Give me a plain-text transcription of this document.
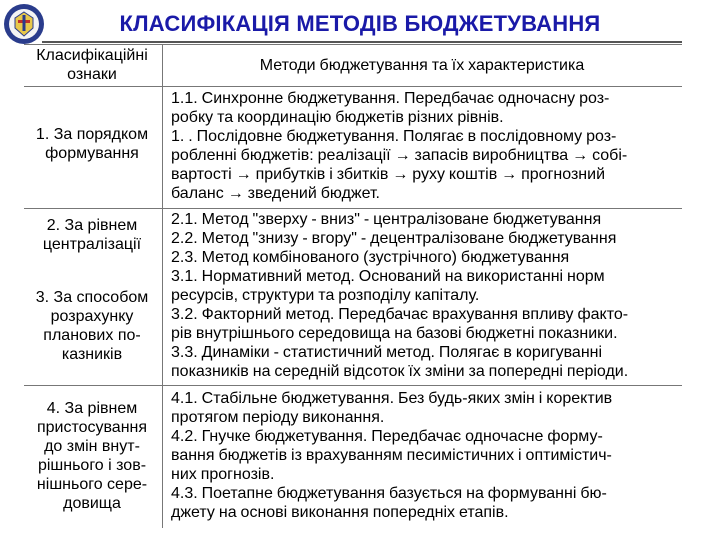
КЛАСИФІКАЦІЯ МЕТОДІВ БЮДЖЕТУВАННЯ
Класифікаційні
ознаки
Методи бюджетування та їх характеристика
1. За порядком
формування
1.1. Синхронне бюджетування. Передбачає одночасну роз-
робку та координацію бюджетів різних рівнів.
1. . Послідовне бюджетування. Полягає в послідовному роз-
робленні бюджетів: реалізації → запасів виробництва → собі-
вартості → прибутків і збитків → руху коштів → прогнозний
баланс → зведений бюджет.
2. За рівнем
централізації
3. За способом
розрахунку
планових по-
казників
2.1. Метод "зверху - вниз" - централізоване бюджетування
2.2. Метод "знизу - вгору" - децентралізоване бюджетування
2.3. Метод комбінованого (зустрічного) бюджетування
3.1. Нормативний метод. Оснований на використанні норм
ресурсів, структури та розподілу капіталу.
3.2. Факторний метод. Передбачає врахування впливу факто-
рів внутрішнього середовища на базові бюджетні показники.
3.3. Динаміки - статистичний метод. Полягає в коригуванні
показників на середній відсоток їх зміни за попередні періоди.
4. За рівнем
пристосування
до змін внут-
рішнього і зов-
нішнього сере-
довища
4.1. Стабільне бюджетування. Без будь-яких змін і коректив
протягом періоду виконання.
4.2. Гнучке бюджетування. Передбачає одночасне форму-
вання бюджетів із врахуванням песимістичних і оптимістич-
них прогнозів.
4.3. Поетапне бюджетування базується на формуванні бю-
джету на основі виконання попередніх етапів.
